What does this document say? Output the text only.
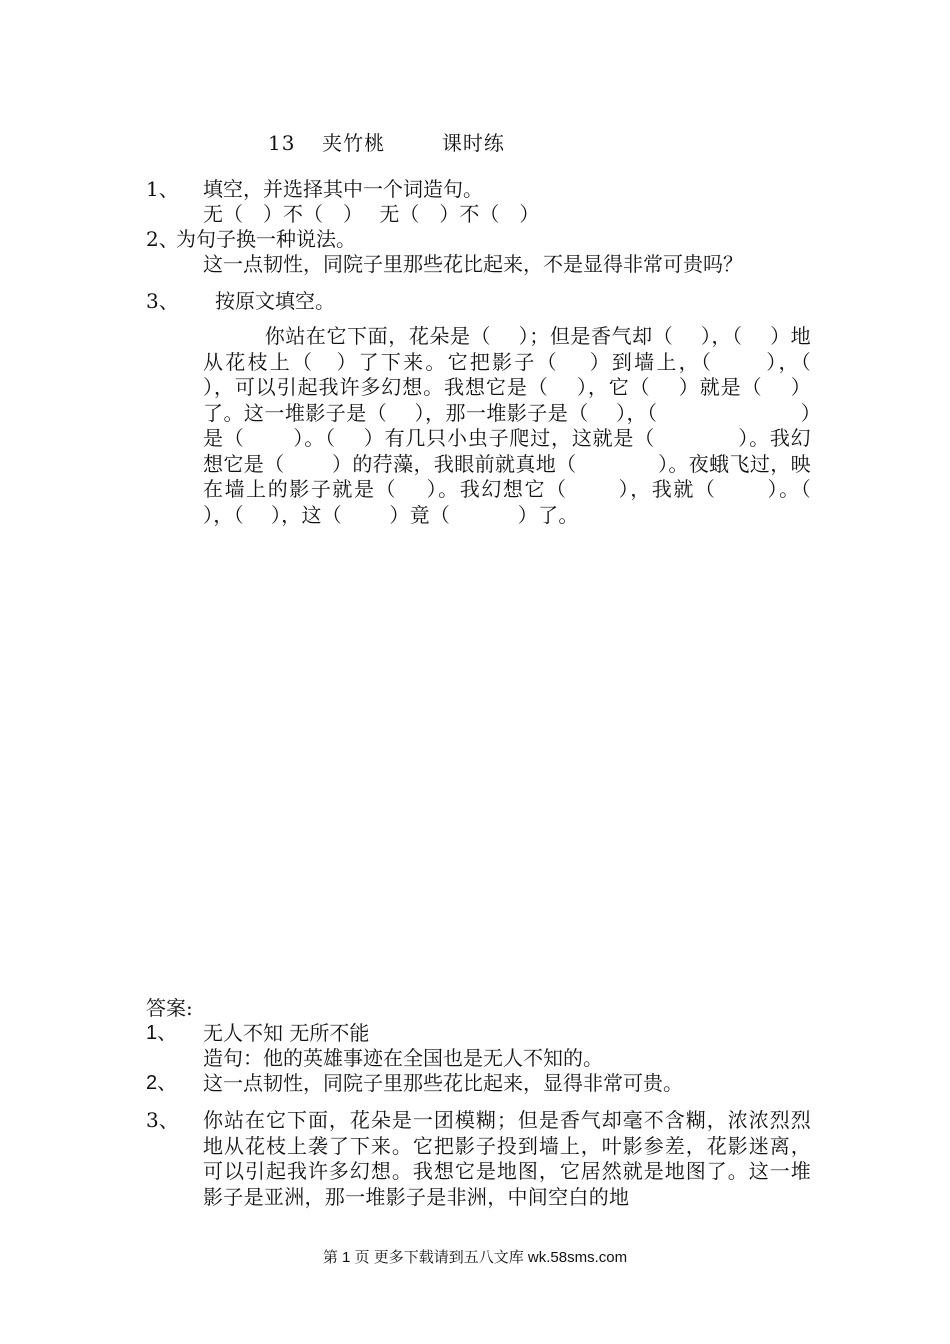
13 夹竹桃	课时练
1、 填空，并选择其中一个词造句。
无（　）不（　）　 无（　）不（　）
2、
为句子换一种说法。
这一点韧性，同院子里那些花比起来，不是显得非常可贵吗？
3、 按原文填空。
　　　你站在它下面，花朵是（　 ）；但是香气却（　 ），（　 ）地从花枝上（　）了下来。它把影子（　 ）到墙上，（　　 ），（　 ），可以引起我许多幻想。我想它是（　 ），它（　 ）就是（　 ）了。这一堆影子是（　 ），那一堆影子是（　 ），（　　　　　　　）是（　　 ）。（　 ）有几只小虫子爬过，这就是（　　　　）。我幻想它是（　　 ）的荇藻，我眼前就真地（　　　　）。夜蛾飞过，映在墙上的影子就是（　 ）。我幻想它（　　 ），我就（　　 ）。（　　 ），（　 ），这（　　 ）竟（　　　 ）了。
答案:
1、 无人不知 无所不能
造句：他的英雄事迹在全国也是无人不知的。
2、 这一点韧性，同院子里那些花比起来，显得非常可贵。
3、 你站在它下面，花朵是一团模糊；但是香气却毫不含糊，浓浓烈烈地从花枝上袭了下来。它把影子投到墙上，叶影参差，花影迷离，可以引起我许多幻想。我想它是地图，它居然就是地图了。这一堆影子是亚洲，那一堆影子是非洲，中间空白的地
第 1 页 更多下载请到五八文库 wk.58sms.com
